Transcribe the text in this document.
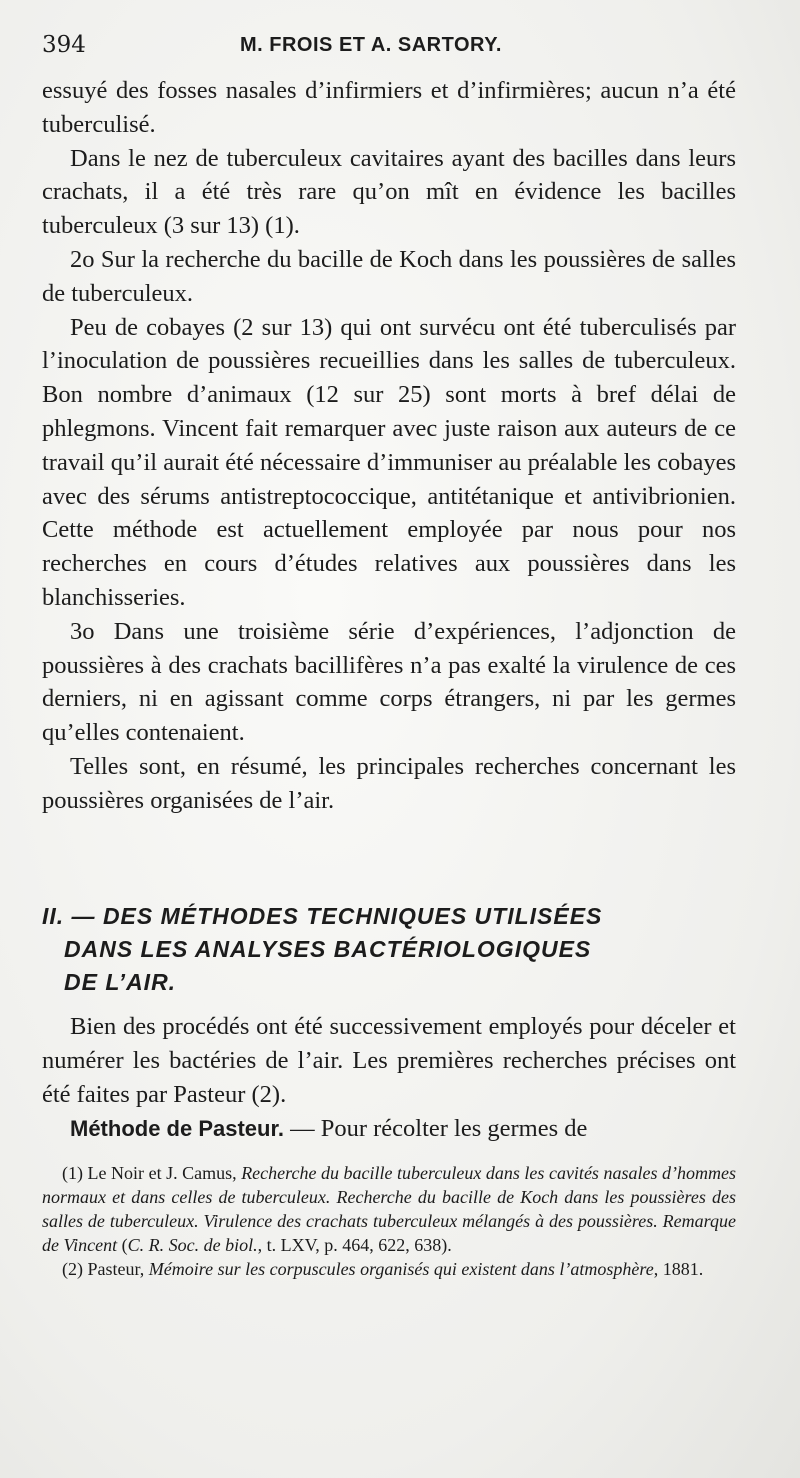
394	M. FROIS ET A. SARTORY.

essuyé des fosses nasales d’infirmiers et d’infirmières; aucun n’a été tuberculisé.

Dans le nez de tuberculeux cavitaires ayant des bacilles dans leurs crachats, il a été très rare qu’on mît en évidence les bacilles tuberculeux (3 sur 13) (1).

2o Sur la recherche du bacille de Koch dans les poussières de salles de tuberculeux.

Peu de cobayes (2 sur 13) qui ont survécu ont été tuberculisés par l’inoculation de poussières recueillies dans les salles de tuberculeux. Bon nombre d’animaux (12 sur 25) sont morts à bref délai de phlegmons. Vincent fait remarquer avec juste raison aux auteurs de ce travail qu’il aurait été nécessaire d’immuniser au préalable les cobayes avec des sérums antistreptococcique, antitétanique et antivibrionien. Cette méthode est actuellement employée par nous pour nos recherches en cours d’études relatives aux poussières dans les blanchisseries.

3o Dans une troisième série d’expériences, l’adjonction de poussières à des crachats bacillifères n’a pas exalté la virulence de ces derniers, ni en agissant comme corps étrangers, ni par les germes qu’elles contenaient.

Telles sont, en résumé, les principales recherches concernant les poussières organisées de l’air.

II. — DES MÉTHODES TECHNIQUES UTILISÉES
DANS LES ANALYSES BACTÉRIOLOGIQUES
DE L’AIR.

Bien des procédés ont été successivement employés pour déceler et numérer les bactéries de l’air. Les premières recherches précises ont été faites par Pasteur (2).

Méthode de Pasteur. — Pour récolter les germes de

(1) Le Noir et J. Camus, Recherche du bacille tuberculeux dans les cavités nasales d’hommes normaux et dans celles de tuberculeux. Recherche du bacille de Koch dans les poussières des salles de tuberculeux. Virulence des crachats tuberculeux mélangés à des poussières. Remarque de Vincent (C. R. Soc. de biol., t. LXV, p. 464, 622, 638).

(2) Pasteur, Mémoire sur les corpuscules organisés qui existent dans l’atmosphère, 1881.
